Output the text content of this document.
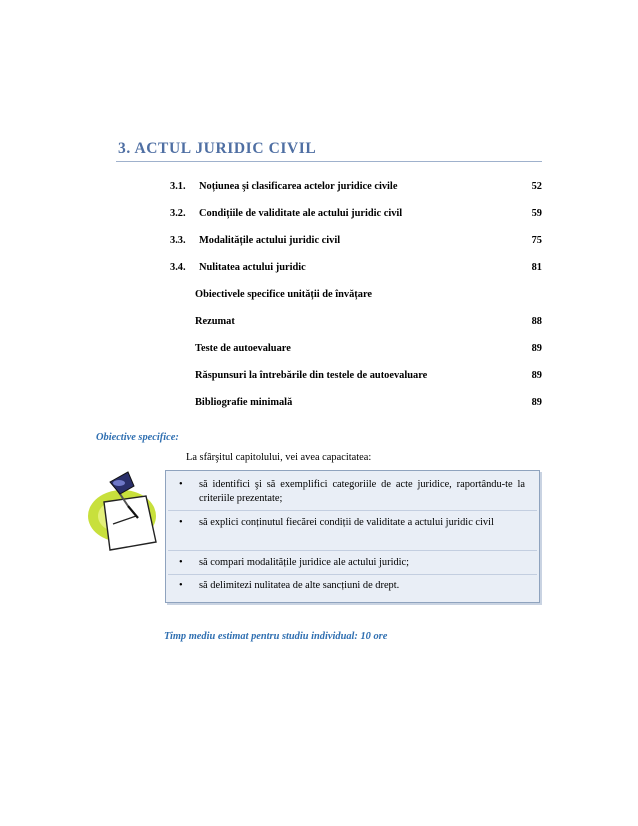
3. ACTUL JURIDIC CIVIL
3.1. Noțiunea şi clasificarea actelor juridice civile	52
3.2. Condițiile de validitate ale actului juridic civil	59
3.3. Modalitățile actului juridic civil	75
3.4. Nulitatea actului juridic	81
Obiectivele specifice unității de învățare
Rezumat	88
Teste de autoevaluare	89
Răspunsuri la întrebările din testele de autoevaluare	89
Bibliografie minimală	89
Obiective specifice:
La sfârşitul capitolului, vei avea capacitatea:
• să identifici şi să exemplifici categoriile de acte juridice, raportându-te la criteriile prezentate;
• să explici conținutul fiecărei condiții de validitate a actului juridic civil
• să compari modalitățile juridice ale actului juridic;
• să delimitezi nulitatea de alte sancțiuni de drept.
Timp mediu estimat pentru studiu individual: 10 ore
